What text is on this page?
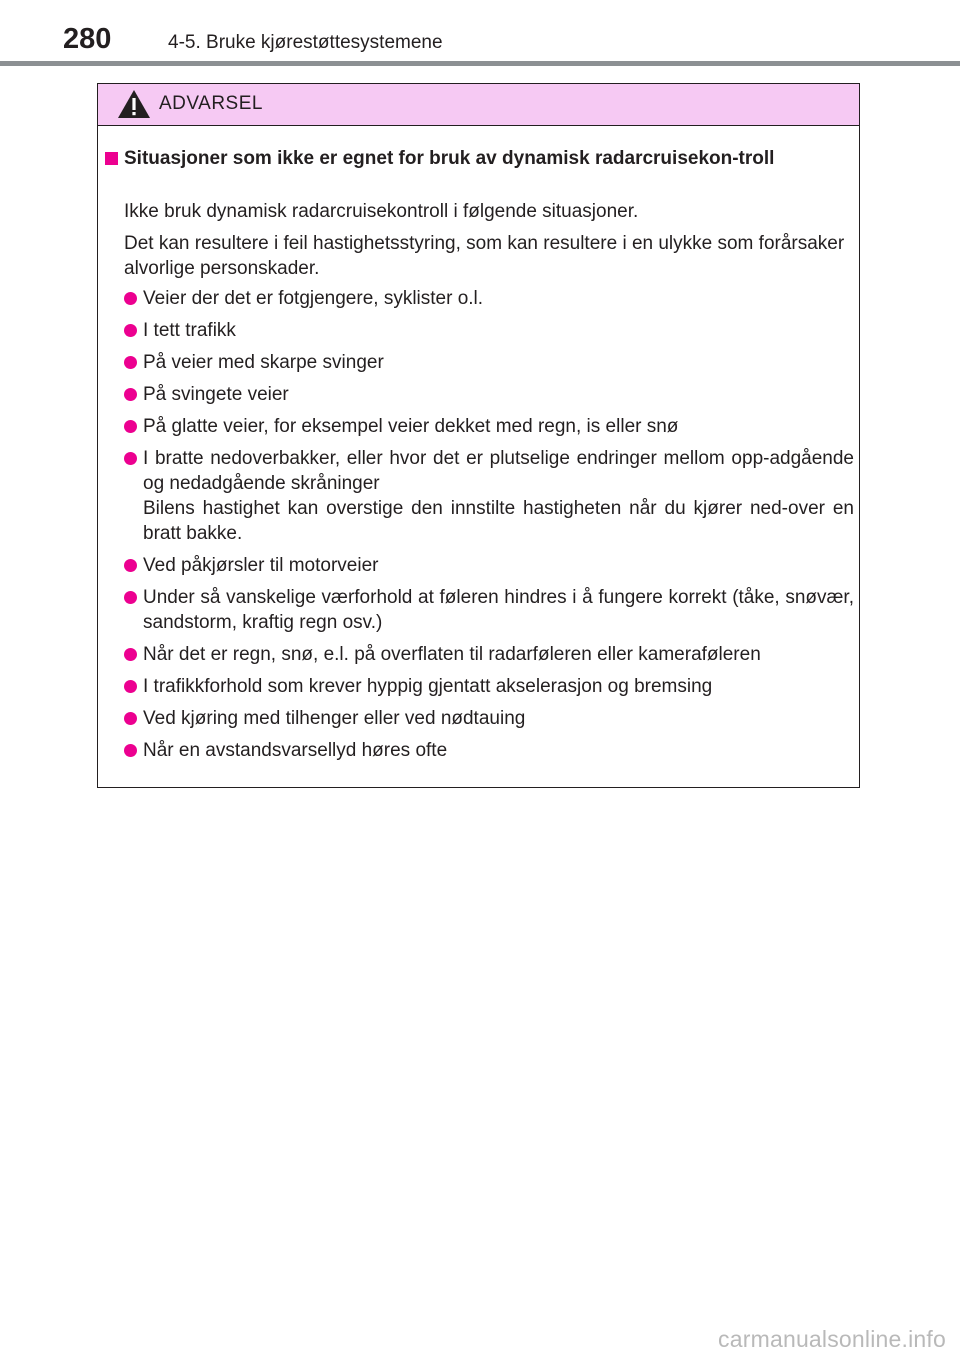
280	4-5. Bruke kjørestøttesystemene
ADVARSEL
Situasjoner som ikke er egnet for bruk av dynamisk radarcruisekon-troll
Ikke bruk dynamisk radarcruisekontroll i følgende situasjoner.
Det kan resultere i feil hastighetsstyring, som kan resultere i en ulykke som forårsaker alvorlige personskader.
Veier der det er fotgjengere, syklister o.l.
I tett trafikk
På veier med skarpe svinger
På svingete veier
På glatte veier, for eksempel veier dekket med regn, is eller snø
I bratte nedoverbakker, eller hvor det er plutselige endringer mellom opp-adgående og nedadgående skråninger
Bilens hastighet kan overstige den innstilte hastigheten når du kjører ned-over en bratt bakke.
Ved påkjørsler til motorveier
Under så vanskelige værforhold at føleren hindres i å fungere korrekt (tåke, snøvær, sandstorm, kraftig regn osv.)
Når det er regn, snø, e.l. på overflaten til radarføleren eller kameraføleren
I trafikkforhold som krever hyppig gjentatt akselerasjon og bremsing
Ved kjøring med tilhenger eller ved nødtauing
Når en avstandsvarsellyd høres ofte
carmanualsonline.info
